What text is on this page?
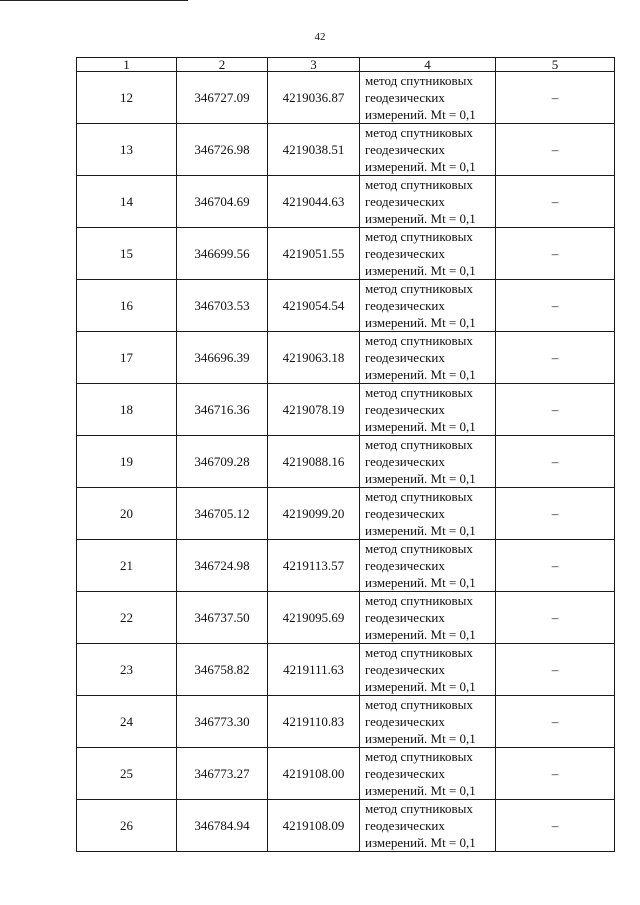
42
1	2	3	4	5
12	346727.09	4219036.87	метод спутниковых
геодезических
измерений. Mt = 0,1	–
13	346726.98	4219038.51	метод спутниковых
геодезических
измерений. Mt = 0,1	–
14	346704.69	4219044.63	метод спутниковых
геодезических
измерений. Mt = 0,1	–
15	346699.56	4219051.55	метод спутниковых
геодезических
измерений. Mt = 0,1	–
16	346703.53	4219054.54	метод спутниковых
геодезических
измерений. Mt = 0,1	–
17	346696.39	4219063.18	метод спутниковых
геодезических
измерений. Mt = 0,1	–
18	346716.36	4219078.19	метод спутниковых
геодезических
измерений. Mt = 0,1	–
19	346709.28	4219088.16	метод спутниковых
геодезических
измерений. Mt = 0,1	–
20	346705.12	4219099.20	метод спутниковых
геодезических
измерений. Mt = 0,1	–
21	346724.98	4219113.57	метод спутниковых
геодезических
измерений. Mt = 0,1	–
22	346737.50	4219095.69	метод спутниковых
геодезических
измерений. Mt = 0,1	–
23	346758.82	4219111.63	метод спутниковых
геодезических
измерений. Mt = 0,1	–
24	346773.30	4219110.83	метод спутниковых
геодезических
измерений. Mt = 0,1	–
25	346773.27	4219108.00	метод спутниковых
геодезических
измерений. Mt = 0,1	–
26	346784.94	4219108.09	метод спутниковых
геодезических
измерений. Mt = 0,1	–
